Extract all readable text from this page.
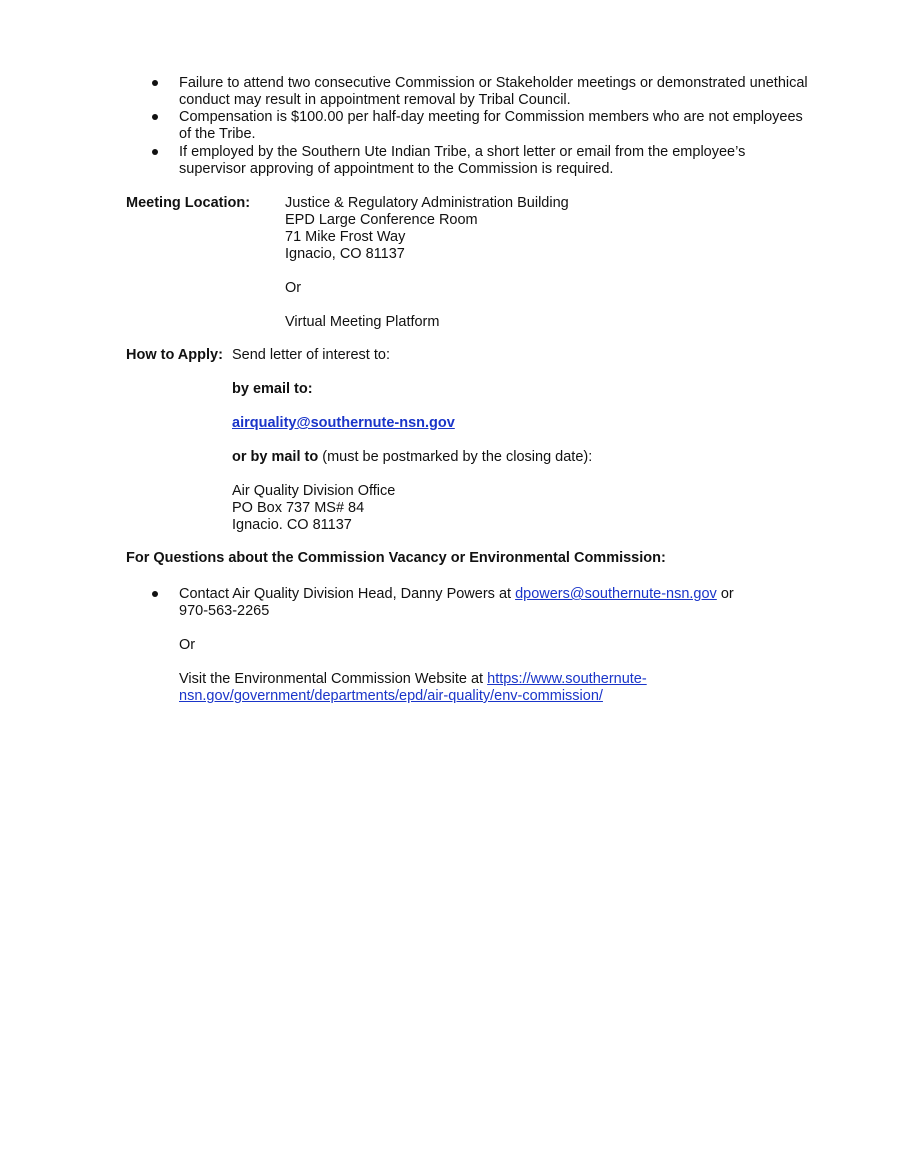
Failure to attend two consecutive Commission or Stakeholder meetings or demonstrated unethical
conduct may result in appointment removal by Tribal Council.
Compensation is $100.00 per half-day meeting for Commission members who are not employees
of the Tribe.
If employed by the Southern Ute Indian Tribe, a short letter or email from the employee’s
supervisor approving of appointment to the Commission is required.
Meeting Location: Justice & Regulatory Administration Building
EPD Large Conference Room
71 Mike Frost Way
Ignacio, CO 81137
Or
Virtual Meeting Platform
How to Apply: Send letter of interest to:
by email to:
airquality@southernute-nsn.gov
or by mail to (must be postmarked by the closing date):
Air Quality Division Office
PO Box 737 MS# 84
Ignacio. CO 81137
For Questions about the Commission Vacancy or Environmental Commission:
Contact Air Quality Division Head, Danny Powers at dpowers@southernute-nsn.gov or
970-563-2265
Or
Visit the Environmental Commission Website at https://www.southernute-
nsn.gov/government/departments/epd/air-quality/env-commission/
